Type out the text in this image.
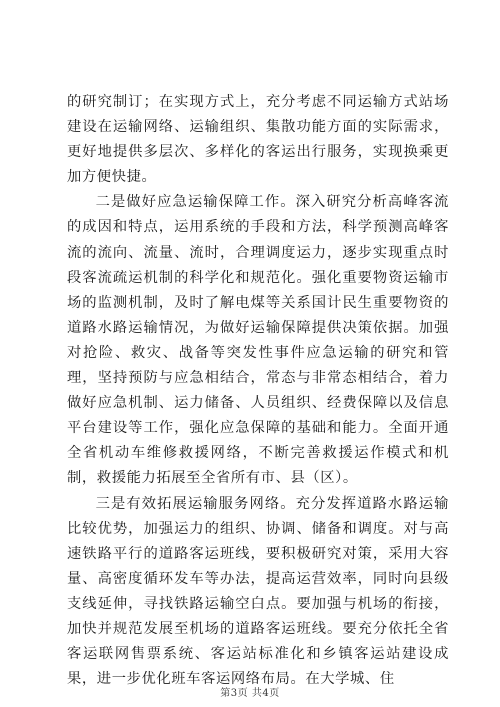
的研究制订；在实现方式上，充分考虑不同运输方式站场建设在运输网络、运输组织、集散功能方面的实际需求，更好地提供多层次、多样化的客运出行服务，实现换乘更加方便快捷。

二是做好应急运输保障工作。深入研究分析高峰客流的成因和特点，运用系统的手段和方法，科学预测高峰客流的流向、流量、流时，合理调度运力，逐步实现重点时段客流疏运机制的科学化和规范化。强化重要物资运输市场的监测机制，及时了解电煤等关系国计民生重要物资的道路水路运输情况，为做好运输保障提供决策依据。加强对抢险、救灾、战备等突发性事件应急运输的研究和管理，坚持预防与应急相结合，常态与非常态相结合，着力做好应急机制、运力储备、人员组织、经费保障以及信息平台建设等工作，强化应急保障的基础和能力。全面开通全省机动车维修救援网络，不断完善救援运作模式和机制，救援能力拓展至全省所有市、县（区）。

三是有效拓展运输服务网络。充分发挥道路水路运输比较优势，加强运力的组织、协调、储备和调度。对与高速铁路平行的道路客运班线，要积极研究对策，采用大容量、高密度循环发车等办法，提高运营效率，同时向县级支线延伸，寻找铁路运输空白点。要加强与机场的衔接，加快并规范发展至机场的道路客运班线。要充分依托全省客运联网售票系统、客运站标准化和乡镇客运站建设成果，进一步优化班车客运网络布局。在大学城、住

第3页 共4页
